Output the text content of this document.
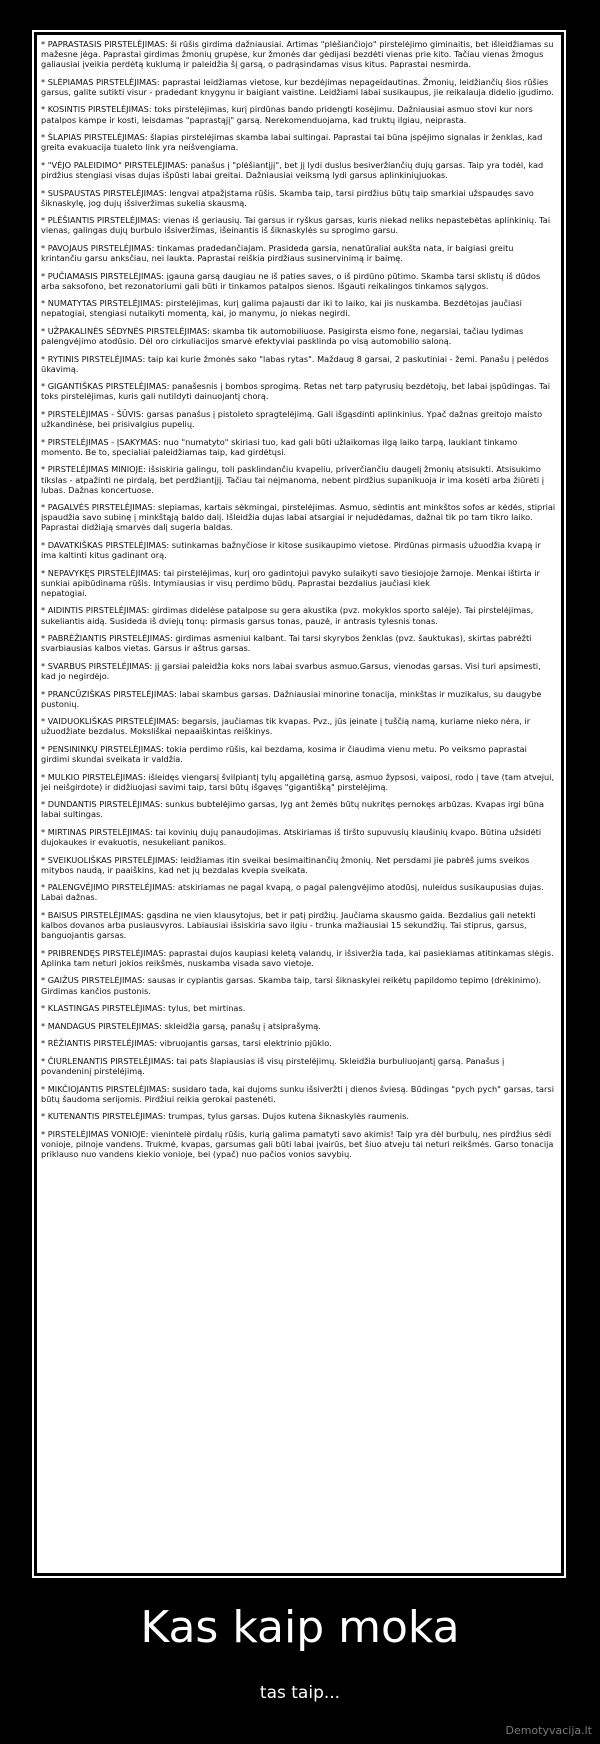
* PAPRASTASIS PIRSTELĖJIMAS: ši rūšis girdima dažniausiai. Artimas "plėšiančiojo" pirstelėjimo giminaitis, bet išleidžiamas su mažesne jėga. Paprastai girdimas žmonių grupėse, kur žmonės dar gėdijasi bezdėti vienas prie kito. Tačiau vienas žmogus galiausiai įveikia perdėtą kuklumą ir paleidžia šį garsą, o padrąsindamas visus kitus. Paprastai nesmirda.

* SLĖPIAMAS PIRSTELĖJIMAS: paprastai leidžiamas vietose, kur bezdėjimas nepageidautinas. Žmonių, leidžiančių šios rūšies garsus, galite sutikti visur - pradedant knygynu ir baigiant vaistine. Leidžiami labai susikaupus, jie reikalauja didelio įgudimo.

* KOSINTIS PIRSTELĖJIMAS: toks pirstelėjimas, kurį pirdūnas bando pridengti kosėjimu. Dažniausiai asmuo stovi kur nors patalpos kampe ir kosti, leisdamas "paprastąjį" garsą. Nerekomenduojama, kad truktų ilgiau, neiprasta.

* ŠLAPIAS PIRSTELĖJIMAS: šlapias pirstelėjimas skamba labai sultingai. Paprastai tai būna įspėjimo signalas ir ženklas, kad greita evakuacija tualeto link yra neišvengiama.

* "VĖJO PALEIDIMO" PIRSTELĖJIMAS: panašus į "plėšiantįjį", bet jį lydi duslus besiveržiančių dujų garsas. Taip yra todėl, kad pirdžius stengiasi visas dujas išpūsti labai greitai. Dažniausiai veiksmą lydi garsus aplinkiniųjuokas.

* SUSPAUSTAS PIRSTELĖJIMAS: lengvai atpažįstama rūšis. Skamba taip, tarsi pirdžius būtų taip smarkiai užspaudęs savo šiknaskylę, jog dujų išsiveržimas sukelia skausmą.

* PLĖŠIANTIS PIRSTELĖJIMAS: vienas iš geriausių. Tai garsus ir ryškus garsas, kuris niekad neliks nepastebėtas aplinkinių. Tai vienas, galingas dujų burbulo išsiveržimas, išeinantis iš šiknaskylės su sprogimo garsu.

* PAVOJAUS PIRSTELĖJIMAS: tinkamas pradedančiajam. Prasideda garsia, nenatūraliai aukšta nata, ir baigiasi greitu krintančiu garsu anksčiau, nei laukta. Paprastai reiškia pirdžiaus susinervinimą ir baimę.

* PUČIAMASIS PIRSTELĖJIMAS: įgauna garsą daugiau ne iš paties saves, o iš pirdūno pūtimo. Skamba tarsi sklistų iš dūdos arba saksofono, bet rezonatoriumi gali būti ir tinkamos patalpos sienos. Išgauti reikalingos tinkamos sąlygos.

* NUMATYTAS PIRSTELĖJIMAS: pirstelėjimas, kurį galima pajausti dar iki to laiko, kai jis nuskamba. Bezdėtojas jaučiasi nepatogiai, stengiasi nutaikyti momentą, kai, jo manymu, jo niekas negirdi.

* UŽPAKALINĖS SĖDYNĖS PIRSTELĖJIMAS: skamba tik automobiliuose. Pasigirsta eismo fone, negarsiai, tačiau lydimas palengvėjimo atodūsio. Dėl oro cirkuliacijos smarvė efektyviai pasklinda po visą automobilio saloną.

* RYTINIS PIRSTELĖJIMAS: taip kai kurie žmonės sako "labas rytas". Maždaug 8 garsai, 2 paskutiniai - žemi. Panašu į pelėdos ūkavimą.

* GIGANTIŠKAS PIRSTELĖJIMAS: panašesnis į bombos sprogimą. Retas net tarp patyrusių bezdėtojų, bet labai įspūdingas. Tai toks pirstelėjimas, kuris gali nutildyti dainuojantį chorą.

* PIRSTELĖJIMAS - ŠŪVIS: garsas panašus į pistoleto spragtelėjimą. Gali išgąsdinti aplinkinius. Ypač dažnas greitojo maisto užkandinėse, bei prisivalgius pupelių.

* PIRSTELĖJIMAS - ĮSAKYMAS: nuo "numatyto" skiriasi tuo, kad gali būti užlaikomas ilgą laiko tarpą, laukiant tinkamo momento. Be to, specialiai paleidžiamas taip, kad girdėtųsi.

* PIRSTELĖJIMAS MINIOJE: išsiskiria galingu, toli pasklindančiu kvapeliu, priverčiančiu daugelį žmonių atsisukti. Atsisukimo tikslas - atpažinti ne pirdalą, bet perdžiantįjį. Tačiau tai neįmanoma, nebent pirdžius supanikuoja ir ima kosėti arba žiūrėti į lubas. Dažnas koncertuose.

* PAGALVĖS PIRSTELĖJIMAS: slepiamas, kartais sėkmingai, pirstelėjimas. Asmuo, sėdintis ant minkštos sofos ar kėdės, stipriai įspaudžia savo subinę į minkštąją baldo dalį. Išleidžia dujas labai atsargiai ir nejudėdamas, dažnai tik po tam tikro laiko. Paprastai didžiąją smarvės dalį sugeria baldas.

* DAVATKIŠKAS PIRSTELĖJIMAS: sutinkamas bažnyčiose ir kitose susikaupimo vietose. Pirdūnas pirmasis užuodžia kvapą ir ima kaltinti kitus gadinant orą.

* NEPAVYKĘS PIRSTELĖJIMAS: tai pirstelėjimas, kurį oro gadintojui pavyko sulaikyti savo tiesiojoje žarnoje. Menkai ištirta ir sunkiai apibūdinama rūšis. Intymiausias ir visų perdimo būdų. Paprastai bezdalius jaučiasi kiek
nepatogiai.

* AIDINTIS PIRSTELĖJIMAS: girdimas didelėse patalpose su gera akustika (pvz. mokyklos sporto salėje). Tai pirstelėjimas, sukeliantis aidą. Susideda iš dviejų tonų: pirmasis garsus tonas, pauzė, ir antrasis tylesnis tonas.

* PABRĖŽIANTIS PIRSTELĖJIMAS: girdimas asmeniui kalbant. Tai tarsi skyrybos ženklas (pvz. šauktukas), skirtas pabrėžti svarbiausias kalbos vietas. Garsus ir aštrus garsas.

* SVARBUS PIRSTELĖJIMAS: jį garsiai paleidžia koks nors labai svarbus asmuo.Garsus, vienodas garsas. Visi turi apsimesti, kad jo negirdėjo.

* PRANCŪZIŠKAS PIRSTELĖJIMAS: labai skambus garsas. Dažniausiai minorine tonacija, minkštas ir muzikalus, su daugybe pustonių.

* VAIDUOKLIŠKAS PIRSTELĖJIMAS: begarsis, jaučiamas tik kvapas. Pvz., jūs įeinate į tuščią namą, kuriame nieko nėra, ir užuodžiate bezdalus. Moksliškai nepaaiškintas reiškinys.

* PENSININKŲ PIRSTELĖJIMAS: tokia perdimo rūšis, kai bezdama, kosima ir čiaudima vienu metu. Po veiksmo paprastai girdimi skundai sveikata ir valdžia.

* MULKIO PIRSTELĖJIMAS: išleidęs viengarsį švilpiantį tylų apgailėtiną garsą, asmuo žypsosi, vaiposi, rodo į tave (tam atvejui, jei neišgirdote) ir didžiuojasi savimi taip, tarsi būtų išgavęs "gigantišką" pirstelėjimą.

* DUNDANTIS PIRSTELĖJIMAS: sunkus bubtelėjimo garsas, lyg ant žemės būtų nukritęs pernokęs arbūzas. Kvapas irgi būna labai sultingas.

* MIRTINAS PIRSTELĖJIMAS: tai kovinių dujų panaudojimas. Atskiriamas iš tiršto supuvusių kiaušinių kvapo. Būtina užsidėti dujokaukes ir evakuotis, nesukeliant panikos.

* SVEIKUOLIŠKAS PIRSTELĖJIMAS: leidžiamas itin sveikai besimaitinančių žmonių. Net persdami jie pabrėš jums sveikos mitybos naudą, ir paaiškins, kad net jų bezdalas kvepia sveikata.

* PALENGVĖJIMO PIRSTELĖJIMAS: atskiriamas ne pagal kvapą, o pagal palengvėjimo atodūsį, nuleidus susikaupusias dujas. Labai dažnas.

* BAISUS PIRSTELĖJIMAS: gąsdina ne vien klausytojus, bet ir patį pirdžių. Jaučiama skausmo gaida. Bezdalius gali netekti kalbos dovanos arba pusiausvyros. Labiausiai išsiskiria savo ilgiu - trunka mažiausiai 15 sekundžių. Tai stiprus, garsus, banguojantis garsas.

* PRIBRENDĘS PIRSTELĖJIMAS: paprastai dujos kaupiasi keletą valandų, ir išsiveržia tada, kai pasiekiamas atitinkamas slėgis. Aplinka tam neturi jokios reikšmės, nuskamba visada savo vietoje.

* GAIŽUS PIRSTELĖJIMAS: sausas ir cypiantis garsas. Skamba taip, tarsi šiknaskylei reikėtų papildomo tepimo (drėkinimo). Girdimas kančios pustonis.

* KLASTINGAS PIRSTELĖJIMAS: tylus, bet mirtinas.

* MANDAGUS PIRSTELĖJIMAS: skleidžia garsą, panašų į atsiprašymą.

* RĖŽIANTIS PIRSTELĖJIMAS: vibruojantis garsas, tarsi elektrinio pjūklo.

* ČIURLENANTIS PIRSTELĖJIMAS: tai pats šlapiausias iš visų pirstelėjimų. Skleidžia burbuliuojantį garsą. Panašus į povandeninį pirstelėjimą.

* MIKČIOJANTIS PIRSTELĖJIMAS: susidaro tada, kai dujoms sunku išsiveržti į dienos šviesą. Būdingas "pych pych" garsas, tarsi būtų šaudoma serijomis. Pirdžiui reikia gerokai pastenėti.

* KUTENANTIS PIRSTELĖJIMAS: trumpas, tylus garsas. Dujos kutena šiknaskylės raumenis.

* PIRSTELĖJIMAS VONIOJE: vienintelė pirdalų rūšis, kurią galima pamatyti savo akimis! Taip yra dėl burbulų, nes pirdžius sėdi vonioje, pilnoje vandens. Trukmė, kvapas, garsumas gali būti labai įvairūs, bet šiuo atveju tai neturi reikšmės. Garso tonacija priklauso nuo vandens kiekio vonioje, bei (ypač) nuo pačios vonios savybių.

Kas kaip moka

tas taip...

Demotyvacija.lt
